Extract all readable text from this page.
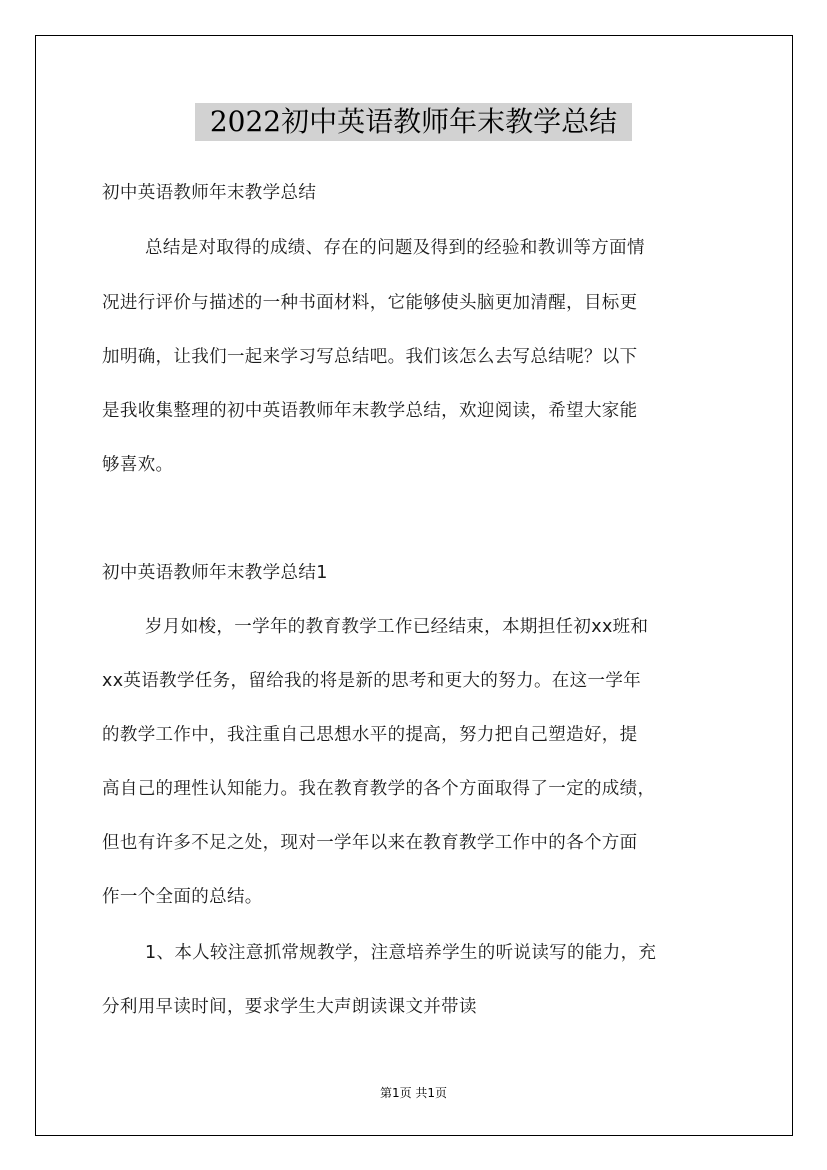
2022初中英语教师年末教学总结
初中英语教师年末教学总结
总结是对取得的成绩、存在的问题及得到的经验和教训等方面情
况进行评价与描述的一种书面材料，它能够使头脑更加清醒，目标更
加明确，让我们一起来学习写总结吧。我们该怎么去写总结呢？以下
是我收集整理的初中英语教师年末教学总结，欢迎阅读，希望大家能
够喜欢。
初中英语教师年末教学总结1
岁月如梭，一学年的教育教学工作已经结束，本期担任初xx班和
xx英语教学任务，留给我的将是新的思考和更大的努力。在这一学年
的教学工作中，我注重自己思想水平的提高，努力把自己塑造好，提
高自己的理性认知能力。我在教育教学的各个方面取得了一定的成绩，
但也有许多不足之处，现对一学年以来在教育教学工作中的各个方面
作一个全面的总结。
1、本人较注意抓常规教学，注意培养学生的听说读写的能力，充
分利用早读时间，要求学生大声朗读课文并带读
第1页 共1页
